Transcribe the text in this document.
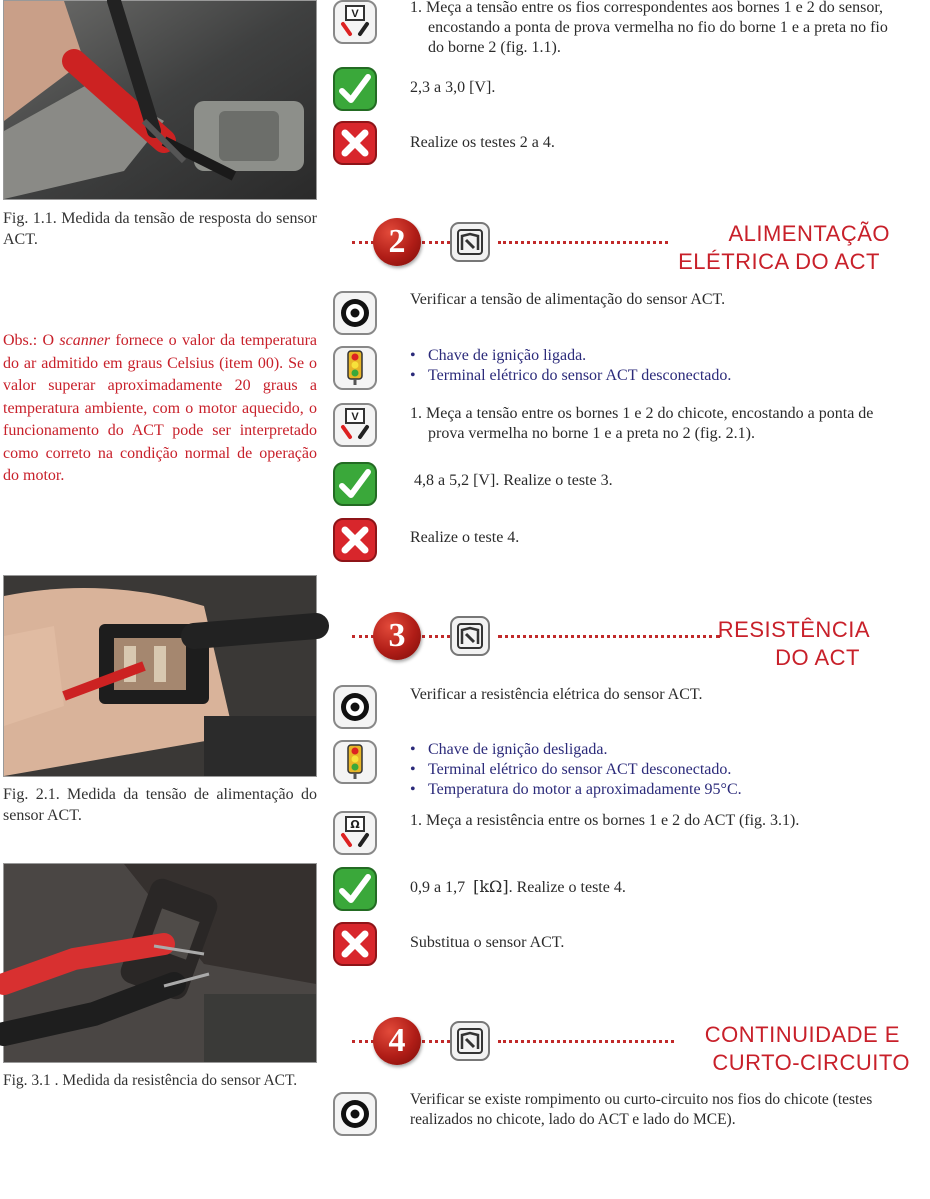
Fig. 1.1. Medida da tensão de resposta do sensor ACT.
Obs.: O scanner fornece o valor da temperatura do ar admitido em graus Celsius (item 00). Se o valor superar aproximadamente 20 graus a temperatura ambiente, com o motor aquecido, o funcionamento do ACT pode ser interpretado como correto na condição normal de operação do motor.
Fig. 2.1. Medida da tensão de alimentação do sensor ACT.
Fig. 3.1 . Medida da resistência do sensor ACT.
1. Meça a tensão entre os fios correspondentes aos bornes 1 e 2 do sensor, encostando a ponta de prova vermelha no fio do borne 1 e a preta no fio do borne 2 (fig. 1.1).
2,3 a 3,0 [V].
Realize os testes 2 a 4.
2	ALIMENTAÇÃO
ELÉTRICA DO ACT
Verificar a tensão de alimentação do sensor ACT.
• Chave de ignição ligada.
• Terminal elétrico do sensor ACT desconectado.
1. Meça a tensão entre os bornes 1 e 2 do chicote, encostando a ponta de prova vermelha no borne 1 e a preta no 2 (fig. 2.1).
4,8 a 5,2 [V]. Realize o teste 3.
Realize o teste 4.
3	RESISTÊNCIA
DO ACT
Verificar a resistência elétrica do sensor ACT.
• Chave de ignição desligada.
• Terminal elétrico do sensor ACT desconectado.
• Temperatura do motor a aproximadamente 95°C.
1. Meça a resistência entre os bornes 1 e 2 do ACT (fig. 3.1).
0,9 a 1,7 [kΩ]. Realize o teste 4.
Substitua o sensor ACT.
4	CONTINUIDADE E
CURTO-CIRCUITO
Verificar se existe rompimento ou curto-circuito nos fios do chicote (testes realizados no chicote, lado do ACT e lado do MCE).
